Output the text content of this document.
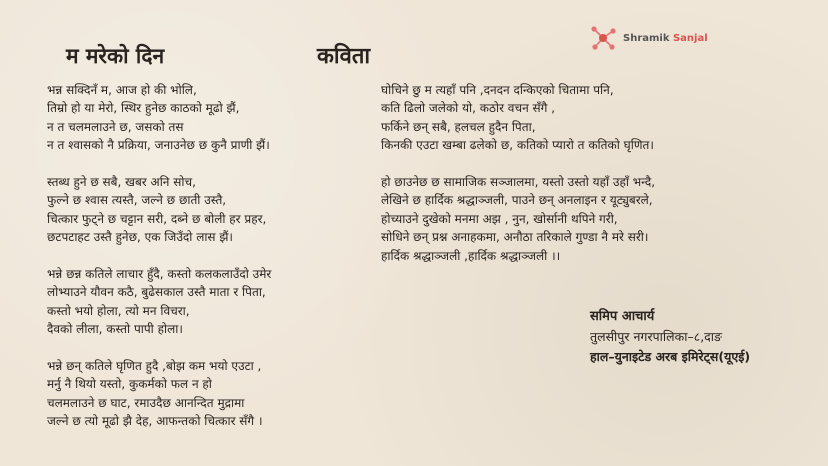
म मरेको दिन	कविता
Shramik Sanjal
भन्न सक्दिनँ म, आज हो की भोलि,
तिम्रो हो या मेरो, स्थिर हुनेछ काठको मूढो झैं,
न त चलमलाउने छ, जसको तस
न त श्वासको नै प्रक्रिया, जनाउनेछ छ कुनै प्राणी झैं।
स्तब्ध हुने छ सबै, खबर अनि सोच,
फुल्ने छ श्वास त्यस्तै, जल्ने छ छाती उस्तै,
चित्कार फुट्ने छ चट्टान सरी, दब्ने छ बोली हर प्रहर,
छटपटाहट उस्तै हुनेछ, एक जिउँदो लास झैं।
भन्ने छन्न कतिले लाचार हुँदै, कस्तो कलकलाउँदो उमेर
लोभ्याउने यौवन कठै, बुढेसकाल उस्तै माता र पिता,
कस्तो भयो होला, त्यो मन विचरा,
दैवको लीला, कस्तो पापी होला।
भन्ने छन् कतिले घृणित हुदै ,बोझ कम भयो एउटा ,
मर्नु नै थियो यस्तो, कुकर्मको फल न हो
चलमलाउने छ घाट, रमाउदैछ आनन्दित मुद्रामा
जल्ने छ त्यो मूढो झै देह, आफन्तको चित्कार सँगै ।
घोचिने छु म त्यहाँ पनि ,दनदन दन्किएको चितामा पनि,
कति ढिलो जलेको यो, कठोर वचन सँगै ,
फर्किने छन् सबै, हलचल हुदैन पिता,
किनकी एउटा खम्बा ढलेको छ, कतिको प्यारो त कतिको घृणित।
हो छाउनेछ छ सामाजिक सञ्जालमा, यस्तो उस्तो यहाँ उहाँ भन्दै,
लेखिने छ हार्दिक श्रद्धाञ्जली, पाउने छन् अनलाइन र यूट्युबरले,
होच्याउने दुखेको मनमा अझ , नुन, खोर्सानी थपिने गरी,
सोधिने छन् प्रश्न अनाहकमा, अनौठा तरिकाले गुण्डा नै मरे सरी।
हार्दिक श्रद्धाञ्जली ,हार्दिक श्रद्धाञ्जली ।।
समिप आचार्य
तुलसीपुर नगरपालिका–८,दाङ
हाल–युनाइटेड अरब इमिरेट्स(यूएई)
